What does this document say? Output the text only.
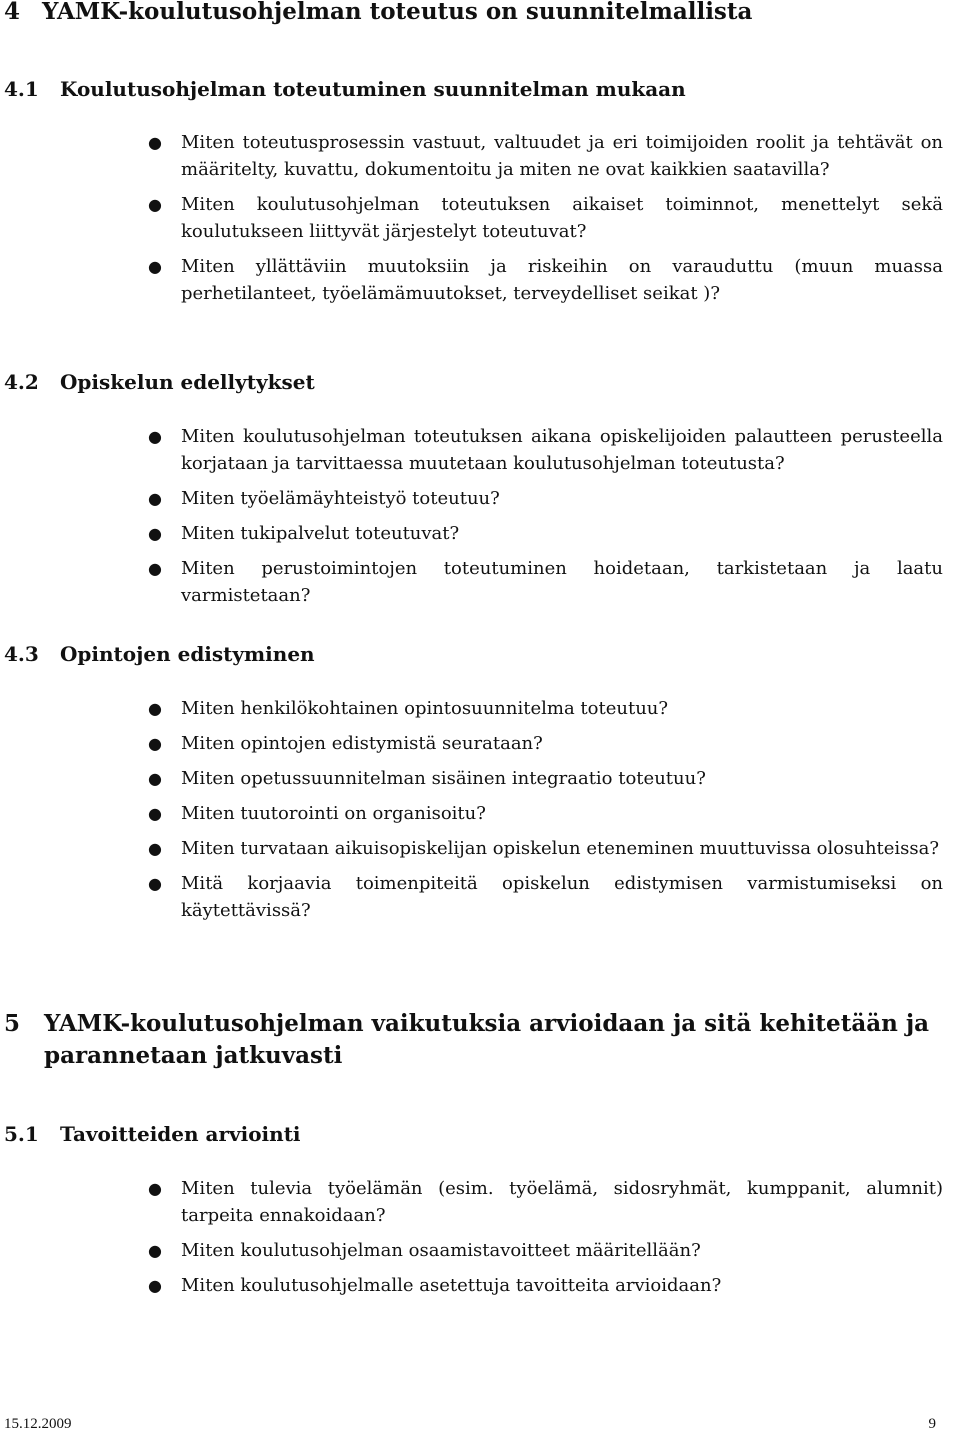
4 YAMK-koulutusohjelman toteutus on suunnitelmallista
4.1 Koulutusohjelman toteutuminen suunnitelman mukaan
● Miten toteutusprosessin vastuut, valtuudet ja eri toimijoiden roolit ja tehtävät on määritelty, kuvattu, dokumentoitu ja miten ne ovat kaikkien saatavilla?
● Miten koulutusohjelman toteutuksen aikaiset toiminnot, menettelyt sekä koulutukseen liittyvät järjestelyt toteutuvat?
● Miten yllättäviin muutoksiin ja riskeihin on varauduttu (muun muassa perhetilanteet, työelämämuutokset, terveydelliset seikat )?
4.2 Opiskelun edellytykset
● Miten koulutusohjelman toteutuksen aikana opiskelijoiden palautteen perusteella korjataan ja tarvittaessa muutetaan koulutusohjelman toteutusta?
● Miten työelämäyhteistyö toteutuu?
● Miten tukipalvelut toteutuvat?
● Miten perustoimintojen toteutuminen hoidetaan, tarkistetaan ja laatu varmistetaan?
4.3 Opintojen edistyminen
● Miten henkilökohtainen opintosuunnitelma toteutuu?
● Miten opintojen edistymistä seurataan?
● Miten opetussuunnitelman sisäinen integraatio toteutuu?
● Miten tuutorointi on organisoitu?
● Miten turvataan aikuisopiskelijan opiskelun eteneminen muuttuvissa olosuhteissa?
● Mitä korjaavia toimenpiteitä opiskelun edistymisen varmistumiseksi on käytettävissä?
5 YAMK-koulutusohjelman vaikutuksia arvioidaan ja sitä kehitetään ja
parannetaan jatkuvasti
5.1 Tavoitteiden arviointi
● Miten tulevia työelämän (esim. työelämä, sidosryhmät, kumppanit, alumnit) tarpeita ennakoidaan?
● Miten koulutusohjelman osaamistavoitteet määritellään?
● Miten koulutusohjelmalle asetettuja tavoitteita arvioidaan?
15.12.2009	9
